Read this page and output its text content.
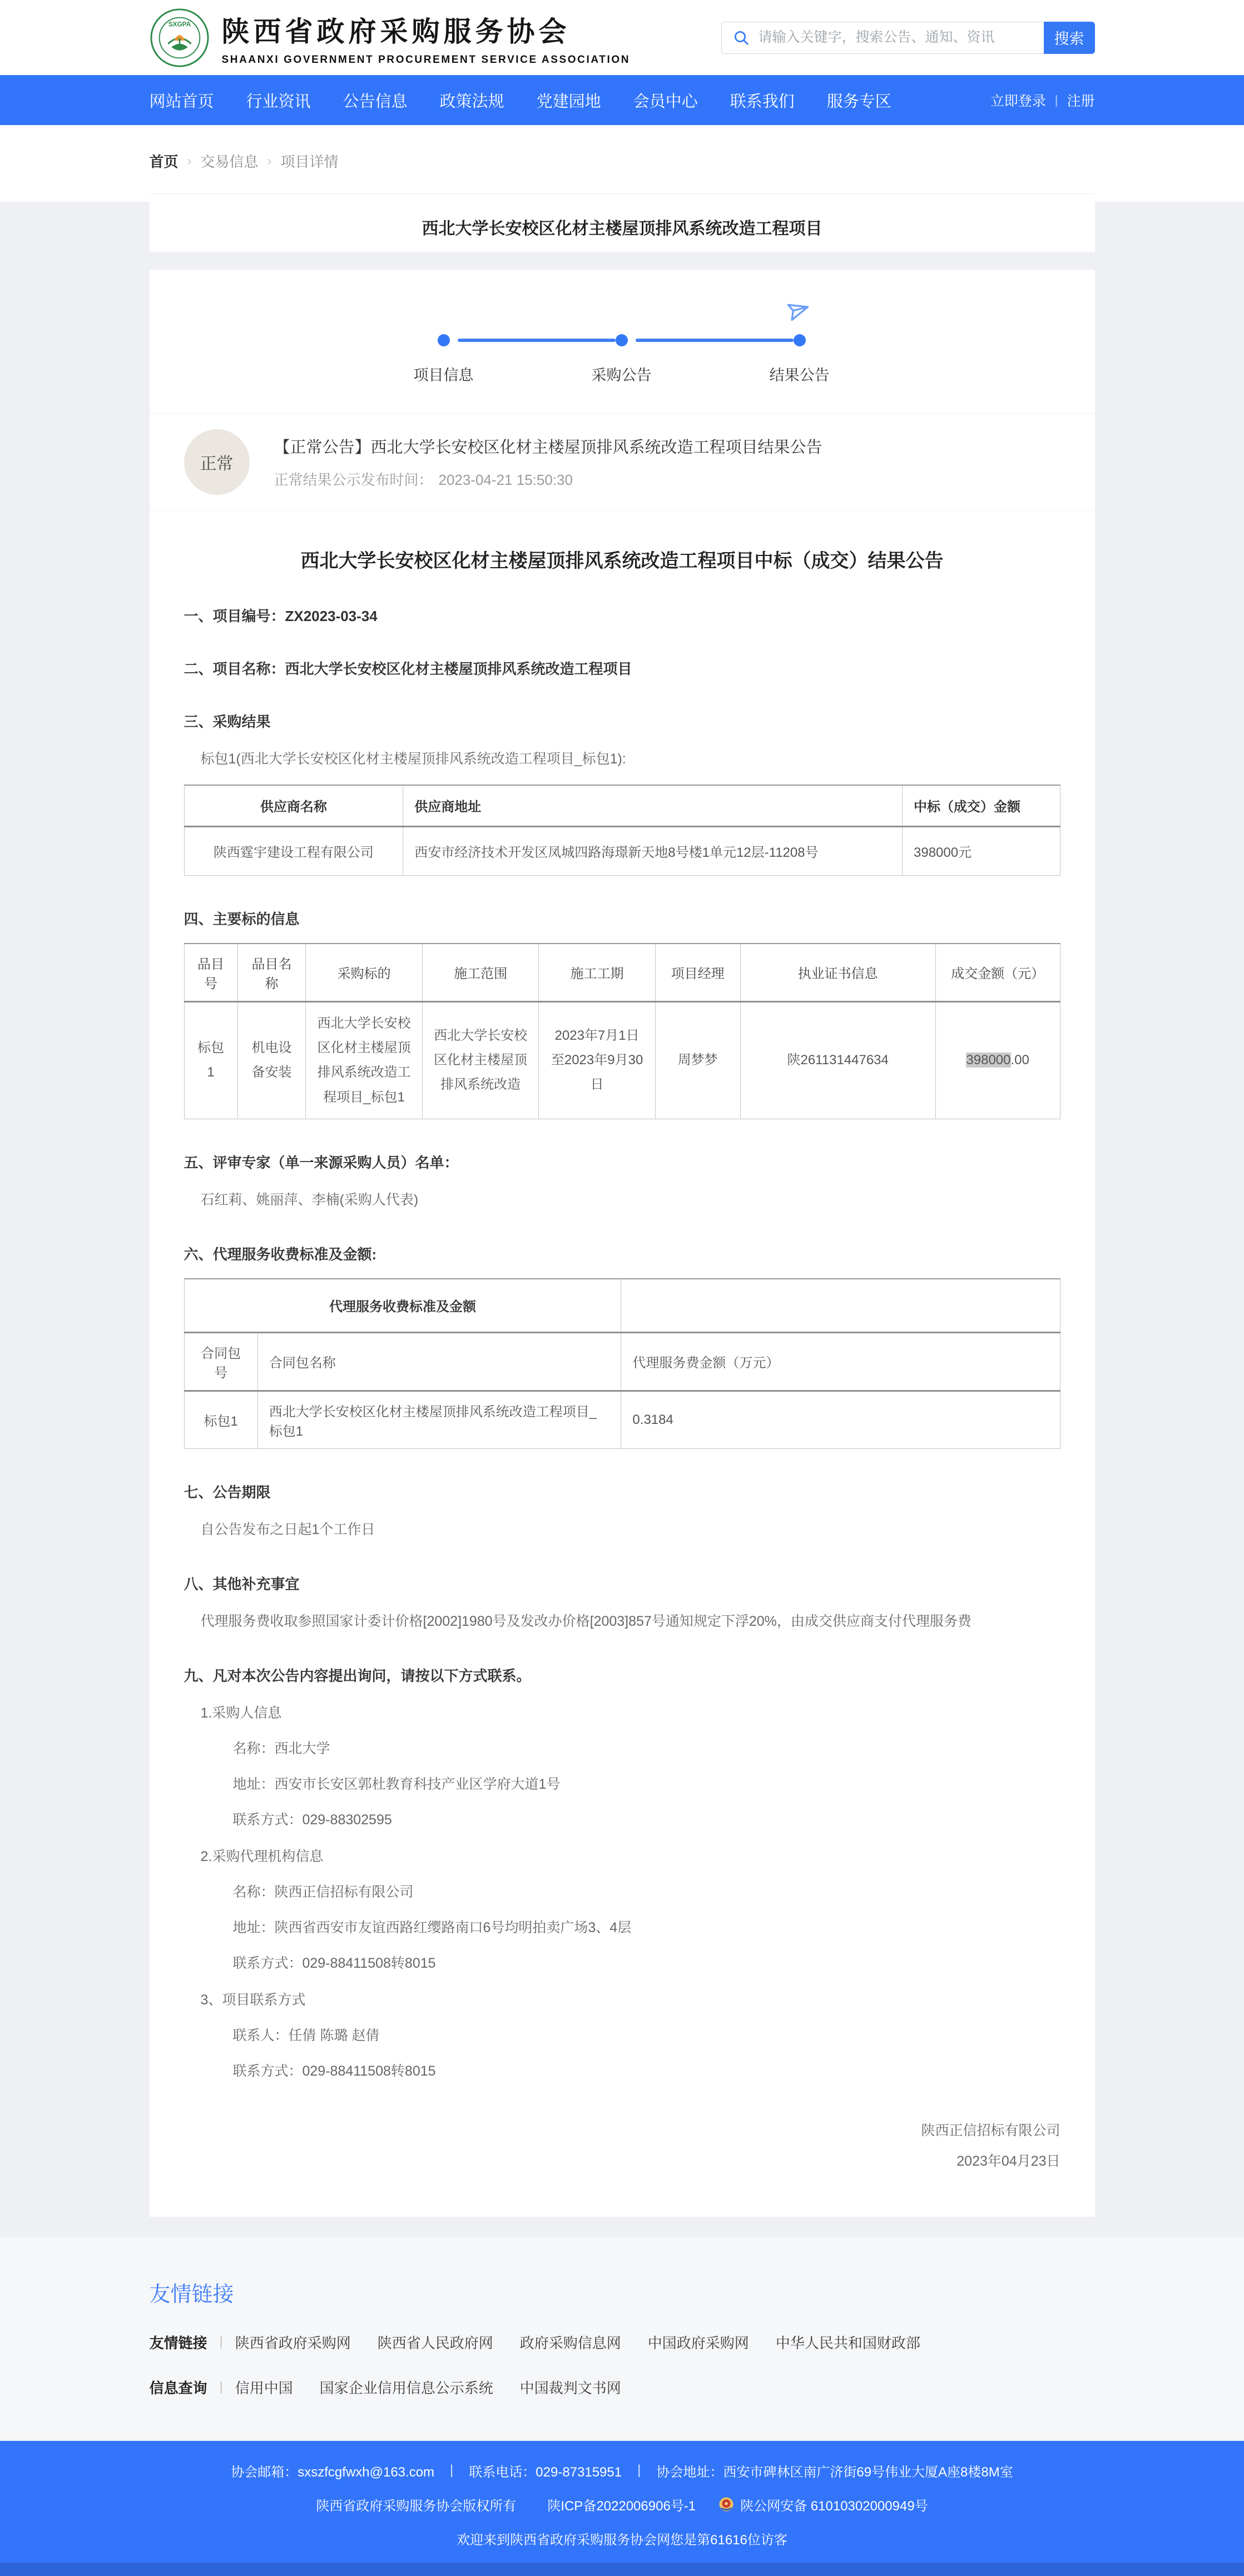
SXGPA 陕西省政府采购服务协会
SHAANXI GOVERNMENT PROCUREMENT SERVICE ASSOCIATION
请输入关键字，搜索公告、通知、资讯
搜索
网站首页 行业资讯 公告信息 政策法规 党建园地 会员中心 联系我们 服务专区	立即登录 | 注册
首页 › 交易信息 › 项目详情
西北大学长安校区化材主楼屋顶排风系统改造工程项目
项目信息	采购公告	结果公告
正常
【正常公告】西北大学长安校区化材主楼屋顶排风系统改造工程项目结果公告
正常结果公示发布时间： 2023-04-21 15:50:30
西北大学长安校区化材主楼屋顶排风系统改造工程项目中标（成交）结果公告
一、项目编号：ZX2023-03-34
二、项目名称：西北大学长安校区化材主楼屋顶排风系统改造工程项目
三、采购结果
标包1(西北大学长安校区化材主楼屋顶排风系统改造工程项目_标包1):
供应商名称	供应商地址	中标（成交）金额
陕西霆宇建设工程有限公司	西安市经济技术开发区凤城四路海璟新天地8号楼1单元12层-11208号	398000元
四、主要标的信息
品目号	品目名称	采购标的	施工范围	施工工期	项目经理	执业证书信息	成交金额（元）
标包1	机电设备安装	西北大学长安校区化材主楼屋顶排风系统改造工程项目_标包1	西北大学长安校区化材主楼屋顶排风系统改造	2023年7月1日至2023年9月30日	周梦梦	陕261131447634	398000.00
五、评审专家（单一来源采购人员）名单：
石红莉、姚丽萍、李楠(采购人代表)
六、代理服务收费标准及金额:
代理服务收费标准及金额		
合同包号	合同包名称	代理服务费金额（万元）
标包1	西北大学长安校区化材主楼屋顶排风系统改造工程项目_标包1	0.3184
七、公告期限
自公告发布之日起1个工作日
八、其他补充事宜
代理服务费收取参照国家计委计价格[2002]1980号及发改办价格[2003]857号通知规定下浮20%，由成交供应商支付代理服务费
九、凡对本次公告内容提出询问，请按以下方式联系。
1.采购人信息
名称：西北大学
地址：西安市长安区郭杜教育科技产业区学府大道1号
联系方式：029-88302595
2.采购代理机构信息
名称：陕西正信招标有限公司
地址：陕西省西安市友谊西路红缨路南口6号均明拍卖广场3、4层
联系方式：029-88411508转8015
3、项目联系方式
联系人：任倩 陈璐 赵倩
联系方式：029-88411508转8015
陕西正信招标有限公司
2023年04月23日
友情链接
友情链接 | 陕西省政府采购网 陕西省人民政府网 政府采购信息网 中国政府采购网 中华人民共和国财政部
信息查询 | 信用中国 国家企业信用信息公示系统 中国裁判文书网
协会邮箱：sxszfcgfwxh@163.com | 联系电话：029-87315951 | 协会地址：西安市碑林区南广济街69号伟业大厦A座8楼8M室
陕西省政府采购服务协会版权所有 陕ICP备2022006906号-1	陕公网安备 61010302000949号
欢迎来到陕西省政府采购服务协会网您是第61616位访客
